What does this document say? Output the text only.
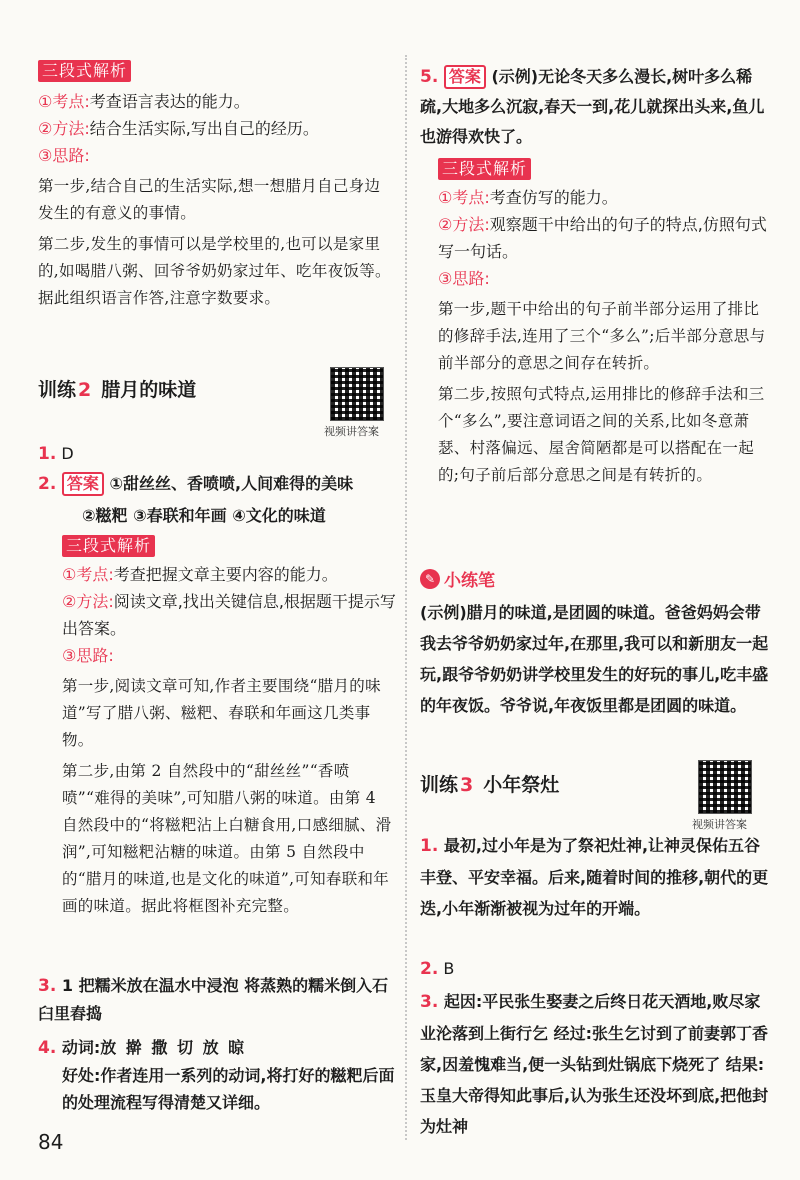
三段式解析
①考点:考查语言表达的能力。
②方法:结合生活实际,写出自己的经历。
③思路:
第一步,结合自己的生活实际,想一想腊月自己身边发生的有意义的事情。
第二步,发生的事情可以是学校里的,也可以是家里的,如喝腊八粥、回爷爷奶奶家过年、吃年夜饭等。据此组织语言作答,注意字数要求。
训练 2 腊月的味道
视频讲答案
1. D
2. 答案 ①甜丝丝、香喷喷,人间难得的美味
②糍粑 ③春联和年画 ④文化的味道
三段式解析
①考点:考查把握文章主要内容的能力。
②方法:阅读文章,找出关键信息,根据题干提示写出答案。
③思路:
第一步,阅读文章可知,作者主要围绕“腊月的味道”写了腊八粥、糍粑、春联和年画这几类事物。
第二步,由第 2 自然段中的“甜丝丝”“香喷喷”“难得的美味”,可知腊八粥的味道。由第 4 自然段中的“将糍粑沾上白糖食用,口感细腻、滑润”,可知糍粑沾糖的味道。由第 5 自然段中的“腊月的味道,也是文化的味道”,可知春联和年画的味道。据此将框图补充完整。
3. 1 把糯米放在温水中浸泡 将蒸熟的糯米倒入石臼里舂捣
4. 动词:放 擀 撒 切 放 晾
好处:作者连用一系列的动词,将打好的糍粑后面的处理流程写得清楚又详细。
5. 答案 (示例)无论冬天多么漫长,树叶多么稀疏,大地多么沉寂,春天一到,花儿就探出头来,鱼儿也游得欢快了。
三段式解析
①考点:考查仿写的能力。
②方法:观察题干中给出的句子的特点,仿照句式写一句话。
③思路:
第一步,题干中给出的句子前半部分运用了排比的修辞手法,连用了三个“多么”;后半部分意思与前半部分的意思之间存在转折。
第二步,按照句式特点,运用排比的修辞手法和三个“多么”,要注意词语之间的关系,比如冬意萧瑟、村落偏远、屋舍简陋都是可以搭配在一起的;句子前后部分意思之间是有转折的。
✎ 小练笔
(示例)腊月的味道,是团圆的味道。爸爸妈妈会带我去爷爷奶奶家过年,在那里,我可以和新朋友一起玩,跟爷爷奶奶讲学校里发生的好玩的事儿,吃丰盛的年夜饭。爷爷说,年夜饭里都是团圆的味道。
训练 3 小年祭灶
视频讲答案
1. 最初,过小年是为了祭祀灶神,让神灵保佑五谷丰登、平安幸福。后来,随着时间的推移,朝代的更迭,小年渐渐被视为过年的开端。
2. B
3. 起因:平民张生娶妻之后终日花天酒地,败尽家业沦落到上街行乞 经过:张生乞讨到了前妻郭丁香家,因羞愧难当,便一头钻到灶锅底下烧死了 结果:玉皇大帝得知此事后,认为张生还没坏到底,把他封为灶神
84
